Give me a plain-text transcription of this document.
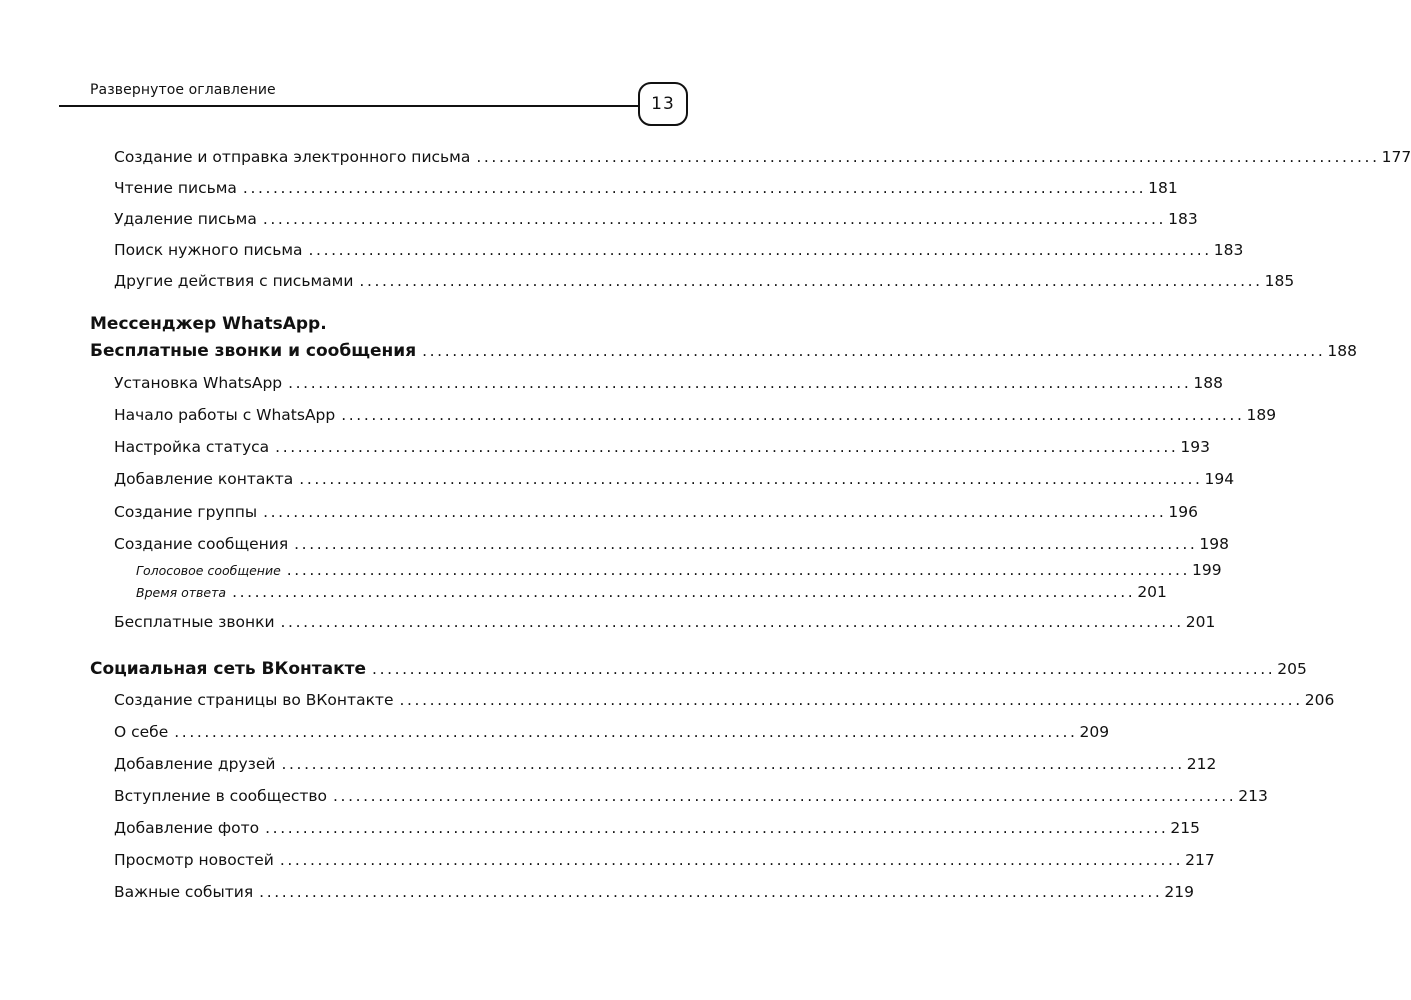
Развернутое оглавление
13
Создание и отправка электронного письма ........................................................................................................................ 177
Чтение письма ........................................................................................................................ 181
Удаление письма ........................................................................................................................ 183
Поиск нужного письма ........................................................................................................................ 183
Другие действия с письмами ........................................................................................................................ 185
Мессенджер WhatsApp.
Бесплатные звонки и сообщения ........................................................................................................................ 188
Установка WhatsApp ........................................................................................................................ 188
Начало работы с WhatsApp ........................................................................................................................ 189
Настройка статуса ........................................................................................................................ 193
Добавление контакта ........................................................................................................................ 194
Создание группы ........................................................................................................................ 196
Создание сообщения ........................................................................................................................ 198
Голосовое сообщение ........................................................................................................................ 199
Время ответа ........................................................................................................................ 201
Бесплатные звонки ........................................................................................................................ 201
Социальная сеть ВКонтакте ........................................................................................................................ 205
Создание страницы во ВКонтакте ........................................................................................................................ 206
О себе ........................................................................................................................ 209
Добавление друзей ........................................................................................................................ 212
Вступление в сообщество ........................................................................................................................ 213
Добавление фото ........................................................................................................................ 215
Просмотр новостей ........................................................................................................................ 217
Важные события ........................................................................................................................ 219
